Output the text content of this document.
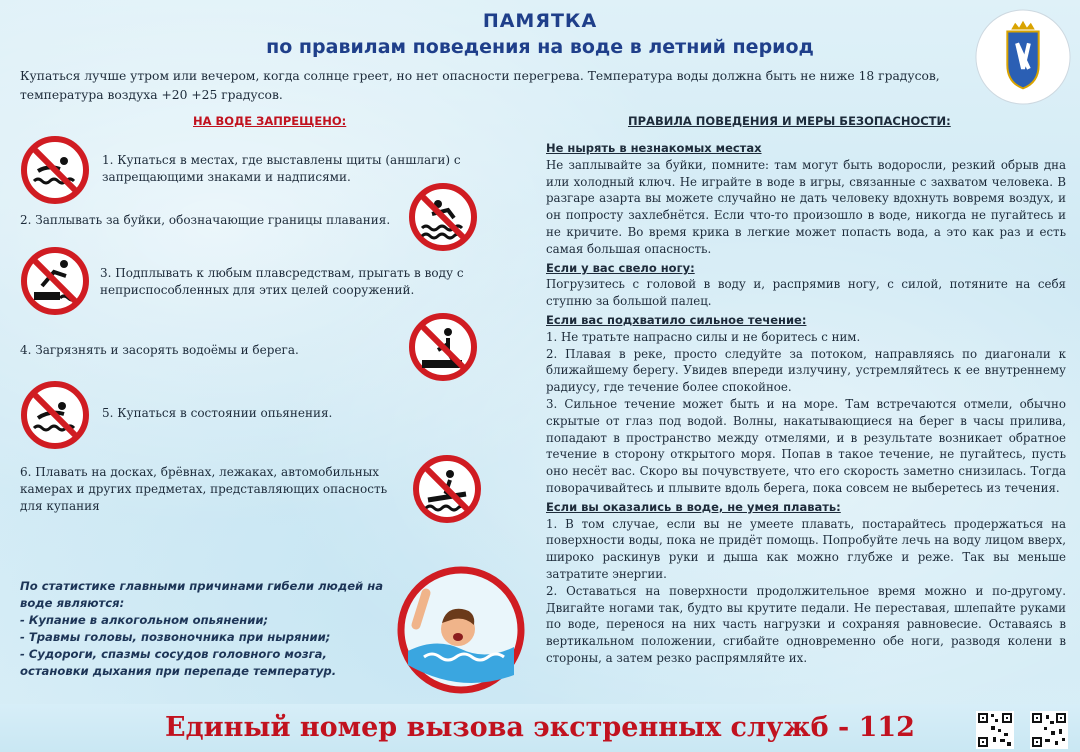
ПАМЯТКА
по правилам поведения на воде в летний период
Купаться лучше утром или вечером, когда солнце греет, но нет опасности перегрева. Температура воды должна быть не ниже 18 градусов, температура воздуха +20 +25 градусов.
НА ВОДЕ ЗАПРЕЩЕНО:	ПРАВИЛА ПОВЕДЕНИЯ И МЕРЫ БЕЗОПАСНОСТИ:
1. Купаться в местах, где выставлены щиты (аншлаги) с запрещающими знаками и надписями.
2. Заплывать за буйки, обозначающие границы плавания.
3. Подплывать к любым плавсредствам, прыгать в воду с неприспособленных для этих целей сооружений.
4. Загрязнять и засорять водоёмы и берега.
5. Купаться в состоянии опьянения.
6. Плавать на досках, брёвнах, лежаках, автомобильных камерах и других предметах, представляющих опасность для купания
Не нырять в незнакомых местах

Не заплывайте за буйки, помните: там могут быть водоросли, резкий обрыв дна или холодный ключ. Не играйте в воде в игры, связанные с захватом человека. В разгаре азарта вы можете случайно не дать человеку вдохнуть вовремя воздух, и он попросту захлебнётся. Если что-то произошло в воде, никогда не пугайтесь и не кричите. Во время крика в легкие может попасть вода, а это как раз и есть самая большая опасность.

Если у вас свело ногу:

Погрузитесь с головой в воду и, распрямив ногу, с силой, потяните на себя ступню за большой палец.

Если вас подхватило сильное течение:

1. Не тратьте напрасно силы и не боритесь с ним.

2. Плавая в реке, просто следуйте за потоком, направляясь по диагонали к ближайшему берегу. Увидев впереди излучину, устремляйтесь к ее внутреннему радиусу, где течение более спокойное.

3. Сильное течение может быть и на море. Там встречаются отмели, обычно скрытые от глаз под водой. Волны, накатывающиеся на берег в часы прилива, попадают в пространство между отмелями, и в результате возникает обратное течение в сторону открытого моря. Попав в такое течение, не пугайтесь, пусть оно несёт вас. Скоро вы почувствуете, что его скорость заметно снизилась. Тогда поворачивайтесь и плывите вдоль берега, пока совсем не выберетесь из течения.

Если вы оказались в воде, не умея плавать:

1. В том случае, если вы не умеете плавать, постарайтесь продержаться на поверхности воды, пока не придёт помощь. Попробуйте лечь на воду лицом вверх, широко раскинув руки и дыша как можно глубже и реже. Так вы меньше затратите энергии.

2. Оставаться на поверхности продолжительное время можно и по-другому. Двигайте ногами так, будто вы крутите педали. Не переставая, шлепайте руками по воде, перенося на них часть нагрузки и сохраняя равновесие. Оставаясь в вертикальном положении, сгибайте одновременно обе ноги, разводя колени в стороны, а затем резко распрямляйте их.

По статистике главными причинами гибели людей на воде являются:

- Купание в алкогольном опьянении;

- Травмы головы, позвоночника при нырянии;

- Судороги, спазмы сосудов головного мозга, остановки дыхания при перепаде температур.

Единый номер вызова экстренных служб - 112
